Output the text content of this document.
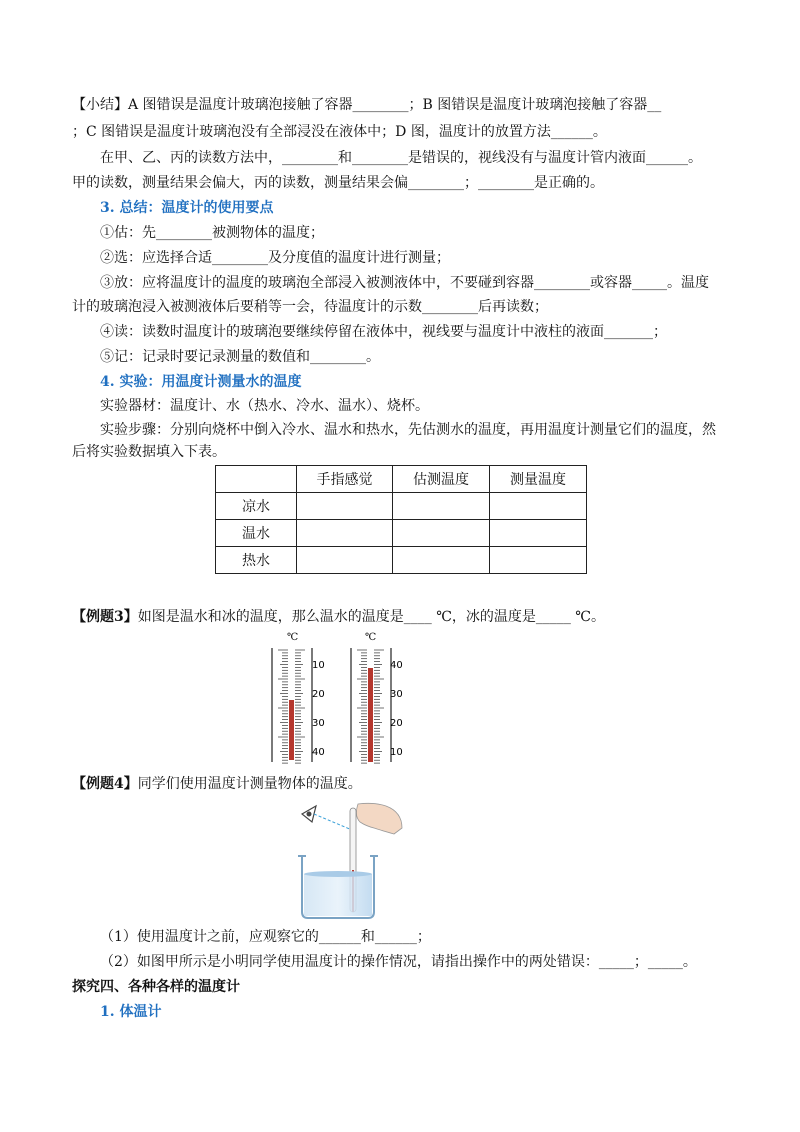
【小结】A 图错误是温度计玻璃泡接触了容器________；B 图错误是温度计玻璃泡接触了容器__
；C 图错误是温度计玻璃泡没有全部浸没在液体中；D 图，温度计的放置方法______。
在甲、乙、丙的读数方法中，________和________是错误的，视线没有与温度计管内液面______。
甲的读数，测量结果会偏大，丙的读数，测量结果会偏________；________是正确的。
3. 总结：温度计的使用要点
①估：先________被测物体的温度；
②选：应选择合适________及分度值的温度计进行测量；
③放：应将温度计的温度的玻璃泡全部浸入被测液体中，不要碰到容器________或容器_____。温度
计的玻璃泡浸入被测液体后要稍等一会，待温度计的示数________后再读数；
④读：读数时温度计的玻璃泡要继续停留在液体中，视线要与温度计中液柱的液面_______；
⑤记：记录时要记录测量的数值和________。
4. 实验：用温度计测量水的温度
实验器材：温度计、水（热水、冷水、温水）、烧杯。
实验步骤：分别向烧杯中倒入冷水、温水和热水，先估测水的温度，再用温度计测量它们的温度，然
后将实验数据填入下表。
	手指感觉	估测温度	测量温度
凉水			
温水			
热水			
【例题3】如图是温水和冰的温度，那么温水的温度是____ ℃，冰的温度是_____ ℃。
℃
10
20
30
40
℃
40
30
20
10
【例题4】同学们使用温度计测量物体的温度。
（1）使用温度计之前，应观察它的______和______；
（2）如图甲所示是小明同学使用温度计的操作情况，请指出操作中的两处错误：_____；_____。
探究四、各种各样的温度计
1. 体温计
